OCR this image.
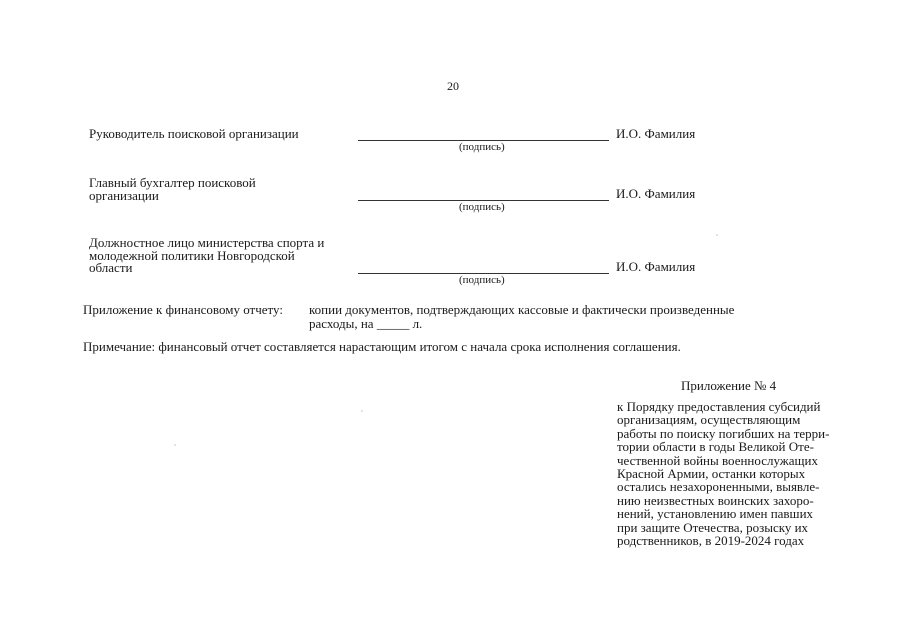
20
Руководитель поисковой организации
(подпись)
И.О. Фамилия
Главный бухгалтер поисковой
организации
(подпись)
И.О. Фамилия
Должностное лицо министерства спорта и
молодежной политики Новгородской
области
(подпись)
И.О. Фамилия
Приложение к финансовому отчету: копии документов, подтверждающих кассовые и фактически произведенные
расходы, на _____ л.
Примечание: финансовый отчет составляется нарастающим итогом с начала срока исполнения соглашения.
Приложение № 4
к Порядку предоставления субсидий
организациям, осуществляющим
работы по поиску погибших на терри-
тории области в годы Великой Оте-
чественной войны военнослужащих
Красной Армии, останки которых
остались незахороненными, выявле-
нию неизвестных воинских захоро-
нений, установлению имен павших
при защите Отечества, розыску их
родственников, в 2019-2024 годах
